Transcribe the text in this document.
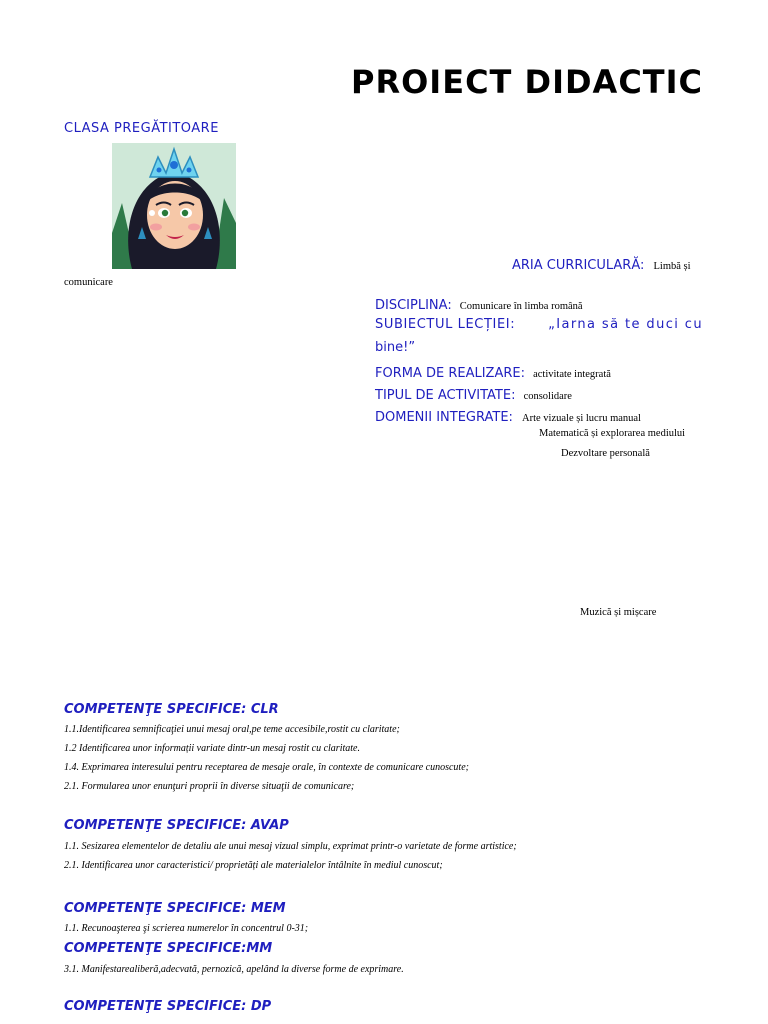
PROIECT DIDACTIC
CLASA PREGĂTITOARE
ARIA CURRICULARĂ: Limbă și
comunicare
DISCIPLINA: Comunicare în limba română
SUBIECTUL LECȚIEI:	„Iarna să te duci cu
bine!”
FORMA DE REALIZARE: activitate integrată
TIPUL DE ACTIVITATE: consolidare
DOMENII INTEGRATE: Arte vizuale și lucru manual
Matematică și explorarea mediului
Dezvoltare personală
Muzică și mișcare
COMPETENŢE SPECIFICE: CLR
1.1.Identificarea semnificaţiei unui mesaj oral,pe teme accesibile,rostit cu claritate;
1.2 Identificarea unor informații variate dintr-un mesaj rostit cu claritate.
1.4. Exprimarea interesului pentru receptarea de mesaje orale, în contexte de comunicare cunoscute;
2.1. Formularea unor enunţuri proprii în diverse situaţii de comunicare;
COMPETENŢE SPECIFICE: AVAP
1.1. Sesizarea elementelor de detaliu ale unui mesaj vizual simplu, exprimat printr-o varietate de forme artistice;
2.1. Identificarea unor caracteristici/ proprietăți ale materialelor întâlnite în mediul cunoscut;
COMPETENŢE SPECIFICE: MEM
1.1. Recunoaşterea şi scrierea numerelor în concentrul 0-31;
COMPETENŢE SPECIFICE:MM
3.1. Manifestarealiberă,adecvată, pernozică, apelând la diverse forme de exprimare.
COMPETENŢE SPECIFICE: DP
